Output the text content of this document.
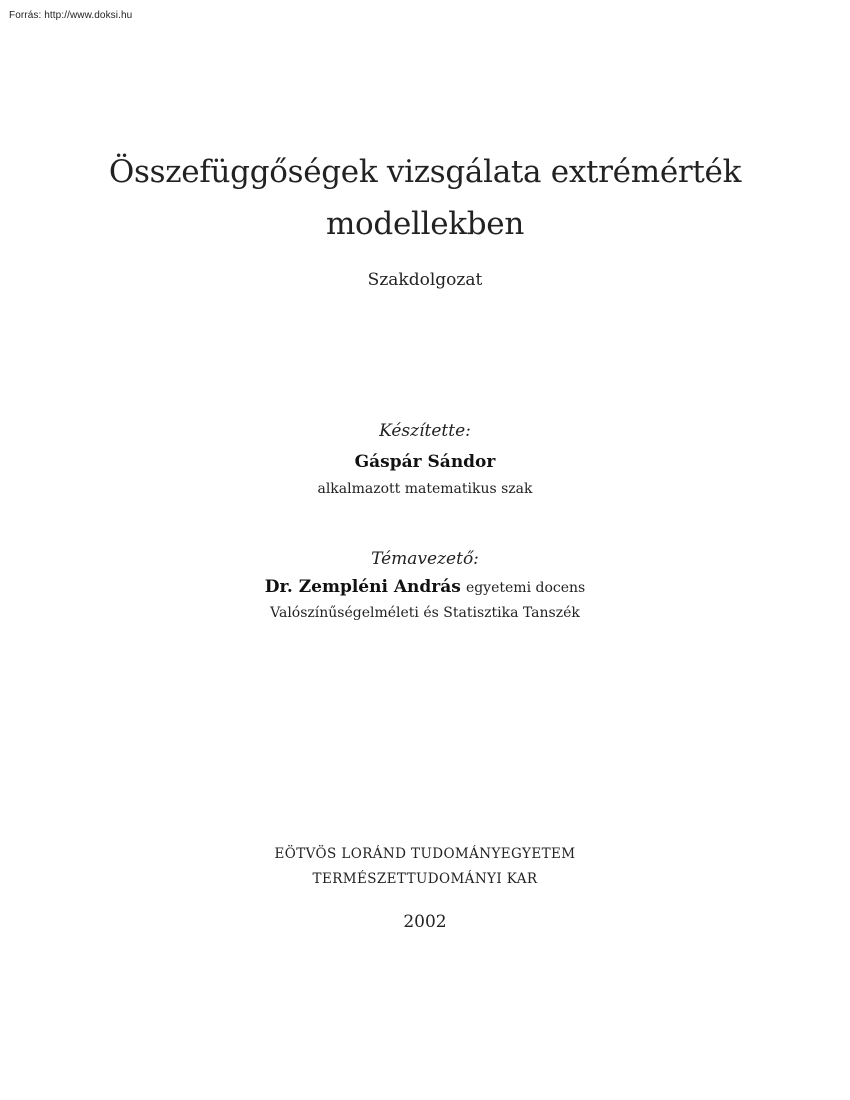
Forrás: http://www.doksi.hu
Összefüggőségek vizsgálata extrémérték
modellekben
Szakdolgozat
Készítette:
Gáspár Sándor
alkalmazott matematikus szak
Témavezető:
Dr. Zempléni András egyetemi docens
Valószínűségelméleti és Statisztika Tanszék
EÖTVÖS LORÁND TUDOMÁNYEGYETEM
TERMÉSZETTUDOMÁNYI KAR
2002
